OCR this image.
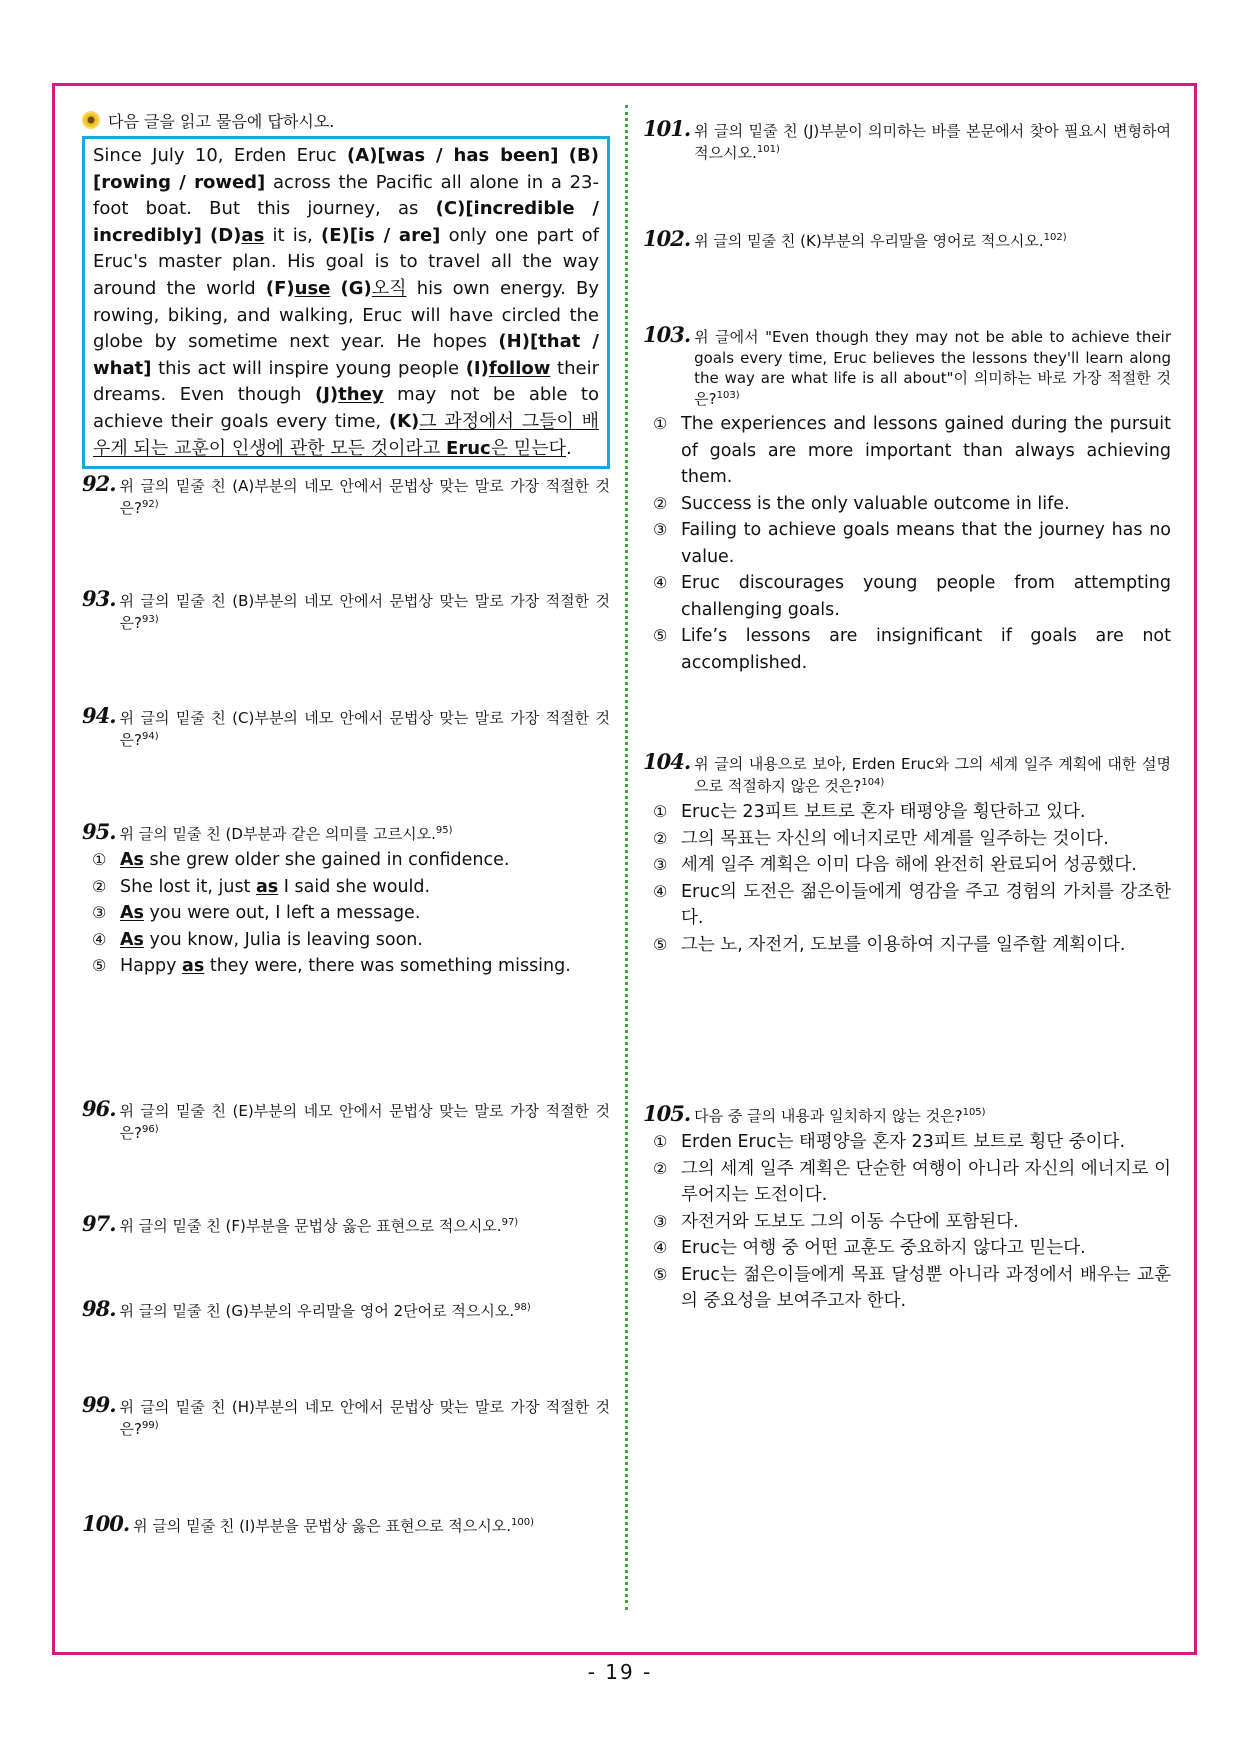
다음 글을 읽고 물음에 답하시오.
Since July 10, Erden Eruc (A)[was / has been] (B)[rowing / rowed] across the Pacific all alone in a 23-foot boat. But this journey, as (C)[incredible / incredibly] (D)as it is, (E)[is / are] only one part of Eruc's master plan. His goal is to travel all the way around the world (F)use (G)오직 his own energy. By rowing, biking, and walking, Eruc will have circled the globe by sometime next year. He hopes (H)[that / what] this act will inspire young people (I)follow their dreams. Even though (J)they may not be able to achieve their goals every time, (K)그 과정에서 그들이 배우게 되는 교훈이 인생에 관한 모든 것이라고 Eruc은 믿는다.
92. 위 글의 밑줄 친 (A)부분의 네모 안에서 문법상 맞는 말로 가장 적절한 것은?$^{92)}$
93. 위 글의 밑줄 친 (B)부분의 네모 안에서 문법상 맞는 말로 가장 적절한 것은?$^{93)}$
94. 위 글의 밑줄 친 (C)부분의 네모 안에서 문법상 맞는 말로 가장 적절한 것은?$^{94)}$
95. 위 글의 밑줄 친 (D부분과 같은 의미를 고르시오.$^{95)}$
① As she grew older she gained in confidence.
② She lost it, just as I said she would.
③ As you were out, I left a message.
④ As you know, Julia is leaving soon.
⑤ Happy as they were, there was something missing.
96. 위 글의 밑줄 친 (E)부분의 네모 안에서 문법상 맞는 말로 가장 적절한 것은?$^{96)}$
97. 위 글의 밑줄 친 (F)부분을 문법상 옳은 표현으로 적으시오.$^{97)}$
98. 위 글의 밑줄 친 (G)부분의 우리말을 영어 2단어로 적으시오.$^{98)}$
99. 위 글의 밑줄 친 (H)부분의 네모 안에서 문법상 맞는 말로 가장 적절한 것은?$^{99)}$
100. 위 글의 밑줄 친 (I)부분을 문법상 옳은 표현으로 적으시오.$^{100)}$
101. 위 글의 밑줄 친 (J)부분이 의미하는 바를 본문에서 찾아 필요시 변형하여 적으시오.$^{101)}$
102. 위 글의 밑줄 친 (K)부분의 우리말을 영어로 적으시오.$^{102)}$
103. 위 글에서 "Even though they may not be able to achieve their goals every time, Eruc believes the lessons they'll learn along the way are what life is all about"이 의미하는 바로 가장 적절한 것은?$^{103)}$
① The experiences and lessons gained during the pursuit of goals are more important than always achieving them.
② Success is the only valuable outcome in life.
③ Failing to achieve goals means that the journey has no value.
④ Eruc discourages young people from attempting challenging goals.
⑤ Life’s lessons are insignificant if goals are not accomplished.
104. 위 글의 내용으로 보아, Erden Eruc와 그의 세계 일주 계획에 대한 설명으로 적절하지 않은 것은?$^{104)}$
① Eruc는 23피트 보트로 혼자 태평양을 횡단하고 있다.
② 그의 목표는 자신의 에너지로만 세계를 일주하는 것이다.
③ 세계 일주 계획은 이미 다음 해에 완전히 완료되어 성공했다.
④ Eruc의 도전은 젊은이들에게 영감을 주고 경험의 가치를 강조한다.
⑤ 그는 노, 자전거, 도보를 이용하여 지구를 일주할 계획이다.
105. 다음 중 글의 내용과 일치하지 않는 것은?$^{105)}$
① Erden Eruc는 태평양을 혼자 23피트 보트로 횡단 중이다.
② 그의 세계 일주 계획은 단순한 여행이 아니라 자신의 에너지로 이루어지는 도전이다.
③ 자전거와 도보도 그의 이동 수단에 포함된다.
④ Eruc는 여행 중 어떤 교훈도 중요하지 않다고 믿는다.
⑤ Eruc는 젊은이들에게 목표 달성뿐 아니라 과정에서 배우는 교훈의 중요성을 보여주고자 한다.
- 19 -
